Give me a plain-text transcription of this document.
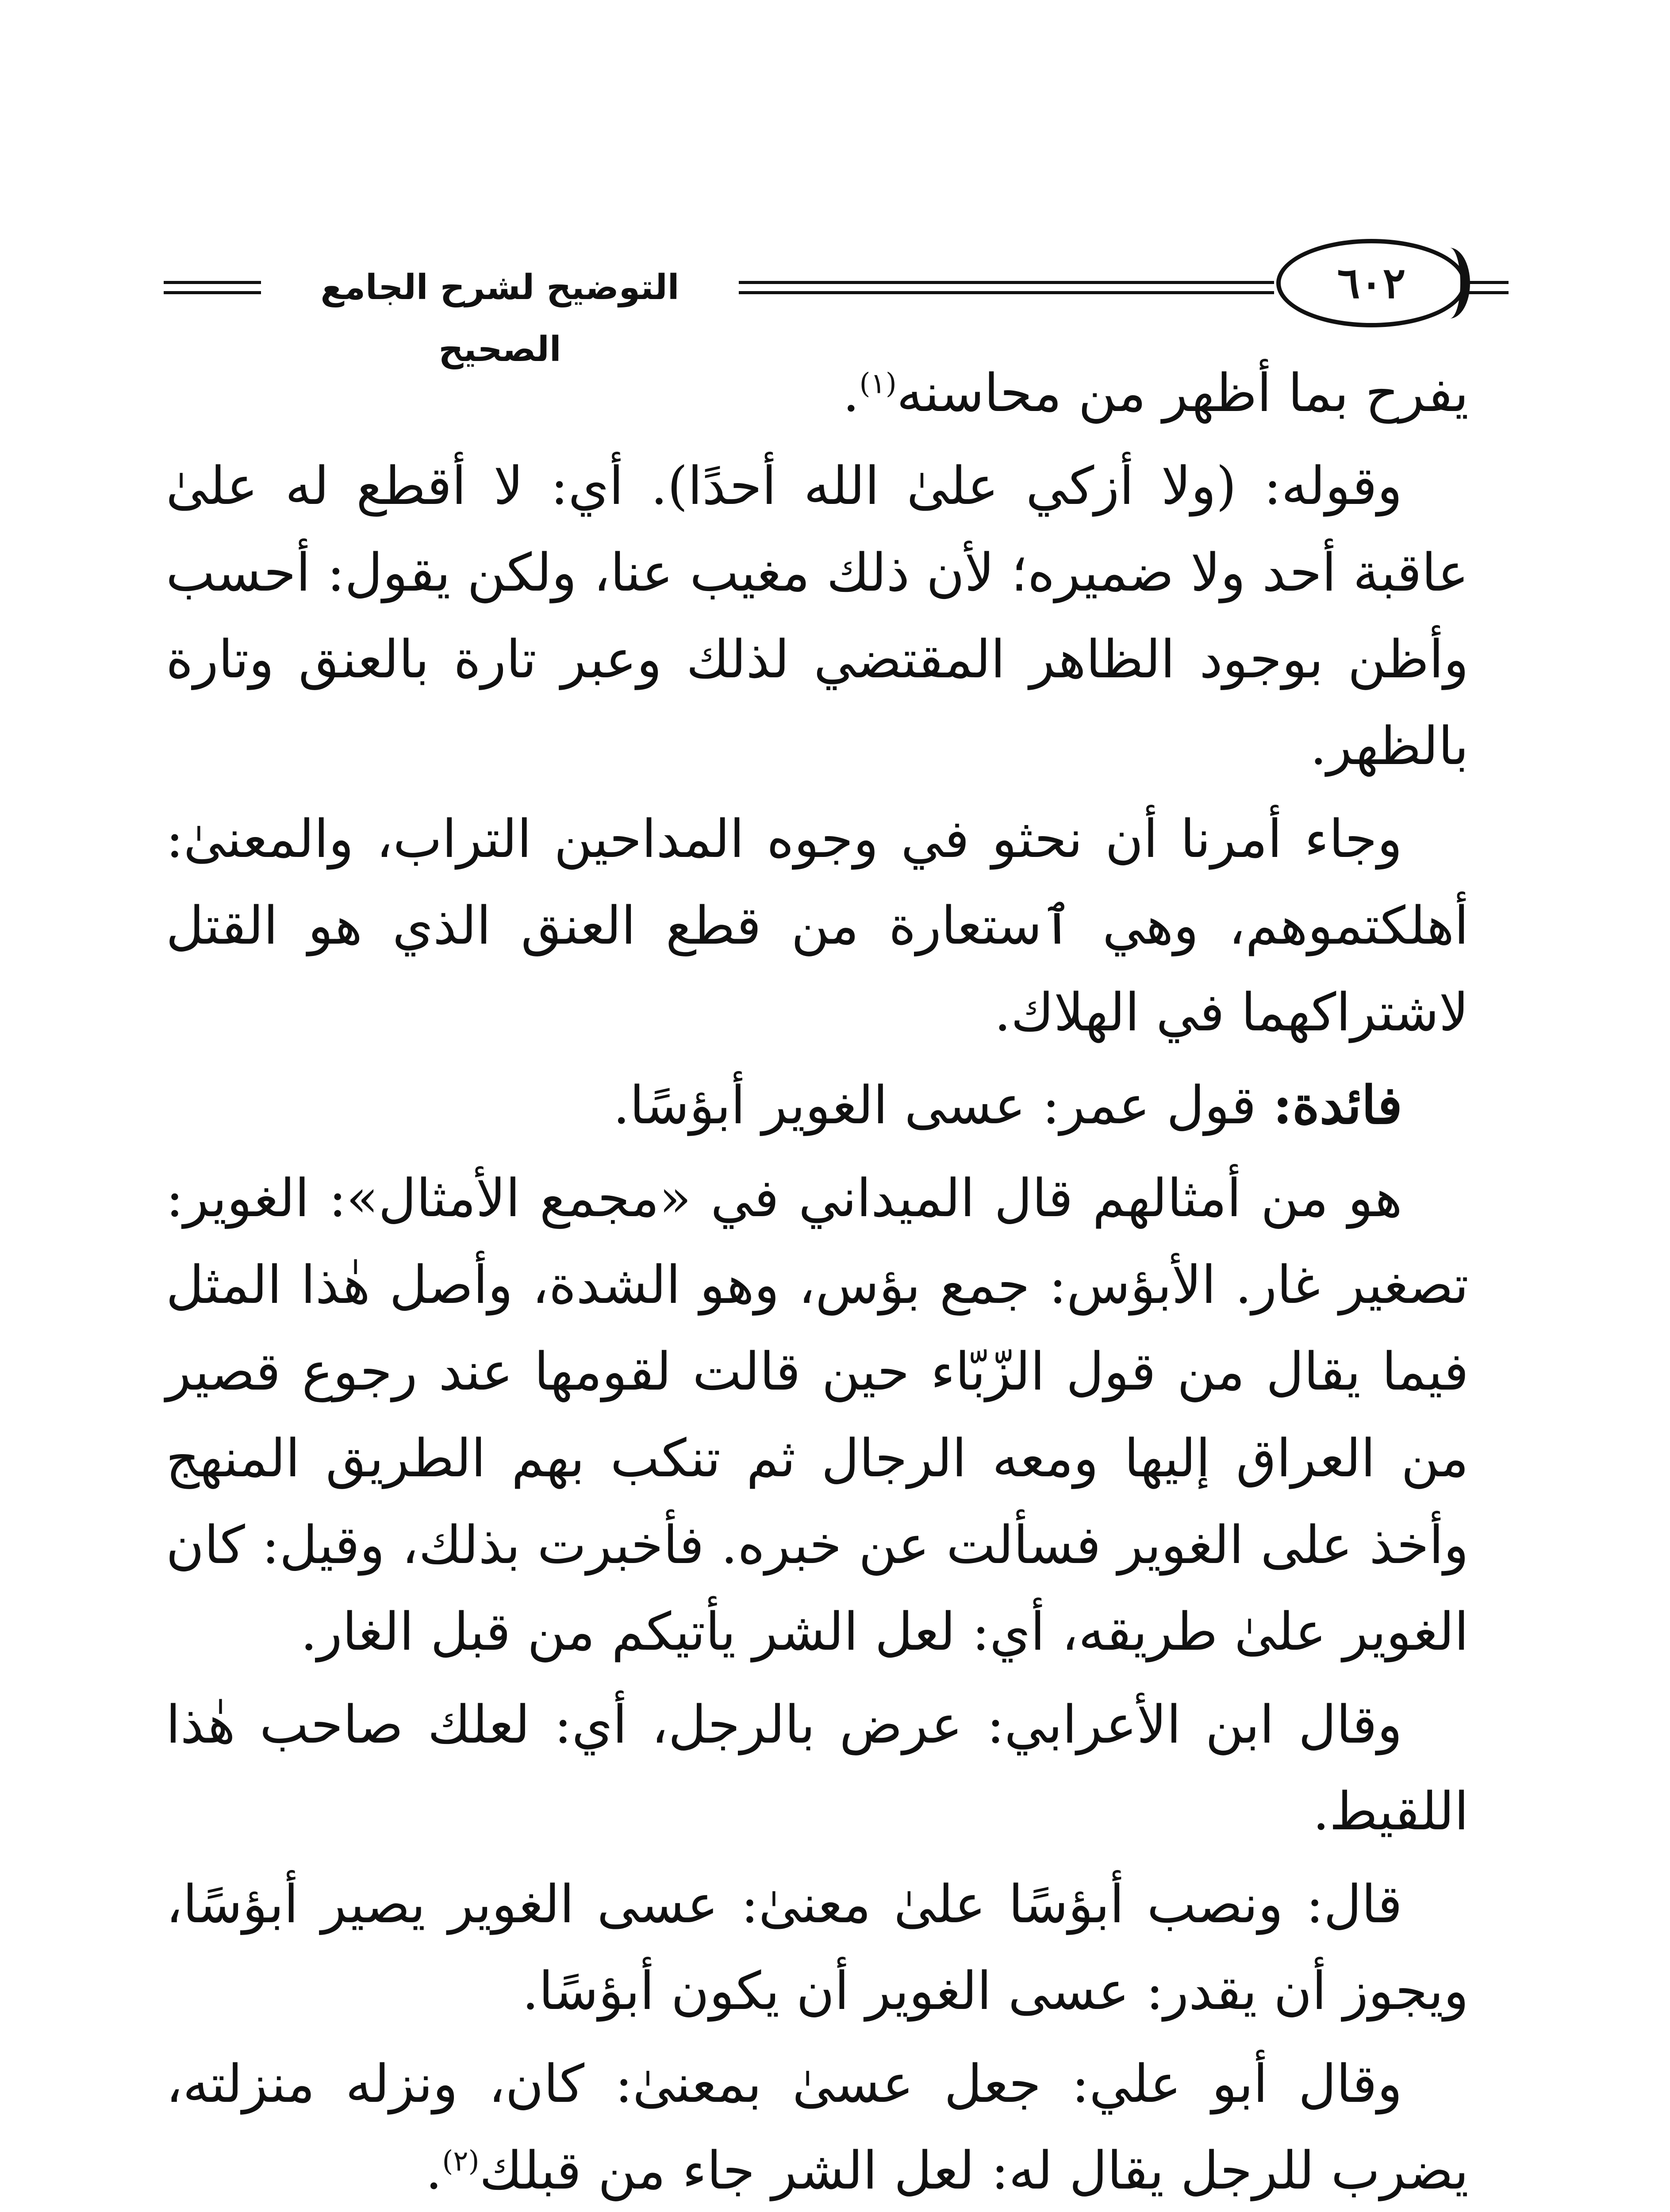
التوضيح لشرح الجامع الصحيح
٦٠٢

يفرح بما أظهر من محاسنه$^{(١)}$.

وقوله: (ولا أزكي علىٰ الله أحدًا). أي: لا أقطع له علىٰ عاقبة أحد ولا ضميره؛ لأن ذلك مغيب عنا، ولكن يقول: أحسب وأظن بوجود الظاهر المقتضي لذلك وعبر تارة بالعنق وتارة بالظهر.

وجاء أمرنا أن نحثو في وجوه المداحين التراب، والمعنىٰ: أهلكتموهم، وهي ٱستعارة من قطع العنق الذي هو القتل لاشتراكهما في الهلاك.

فائدة: قول عمر: عسى الغوير أبؤسًا.

هو من أمثالهم قال الميداني في «مجمع الأمثال»: الغوير: تصغير غار. الأبؤس: جمع بؤس، وهو الشدة، وأصل هٰذا المثل فيما يقال من قول الزّبّاء حين قالت لقومها عند رجوع قصير من العراق إليها ومعه الرجال ثم تنكب بهم الطريق المنهج وأخذ على الغوير فسألت عن خبره. فأخبرت بذلك، وقيل: كان الغوير علىٰ طريقه، أي: لعل الشر يأتيكم من قبل الغار.

وقال ابن الأعرابي: عرض بالرجل، أي: لعلك صاحب هٰذا اللقيط.

قال: ونصب أبؤسًا علىٰ معنىٰ: عسى الغوير يصير أبؤسًا، ويجوز أن يقدر: عسى الغوير أن يكون أبؤسًا.

وقال أبو علي: جعل عسىٰ بمعنىٰ: كان، ونزله منزلته، يضرب للرجل يقال له: لعل الشر جاء من قبلك$^{(٢)}$.
